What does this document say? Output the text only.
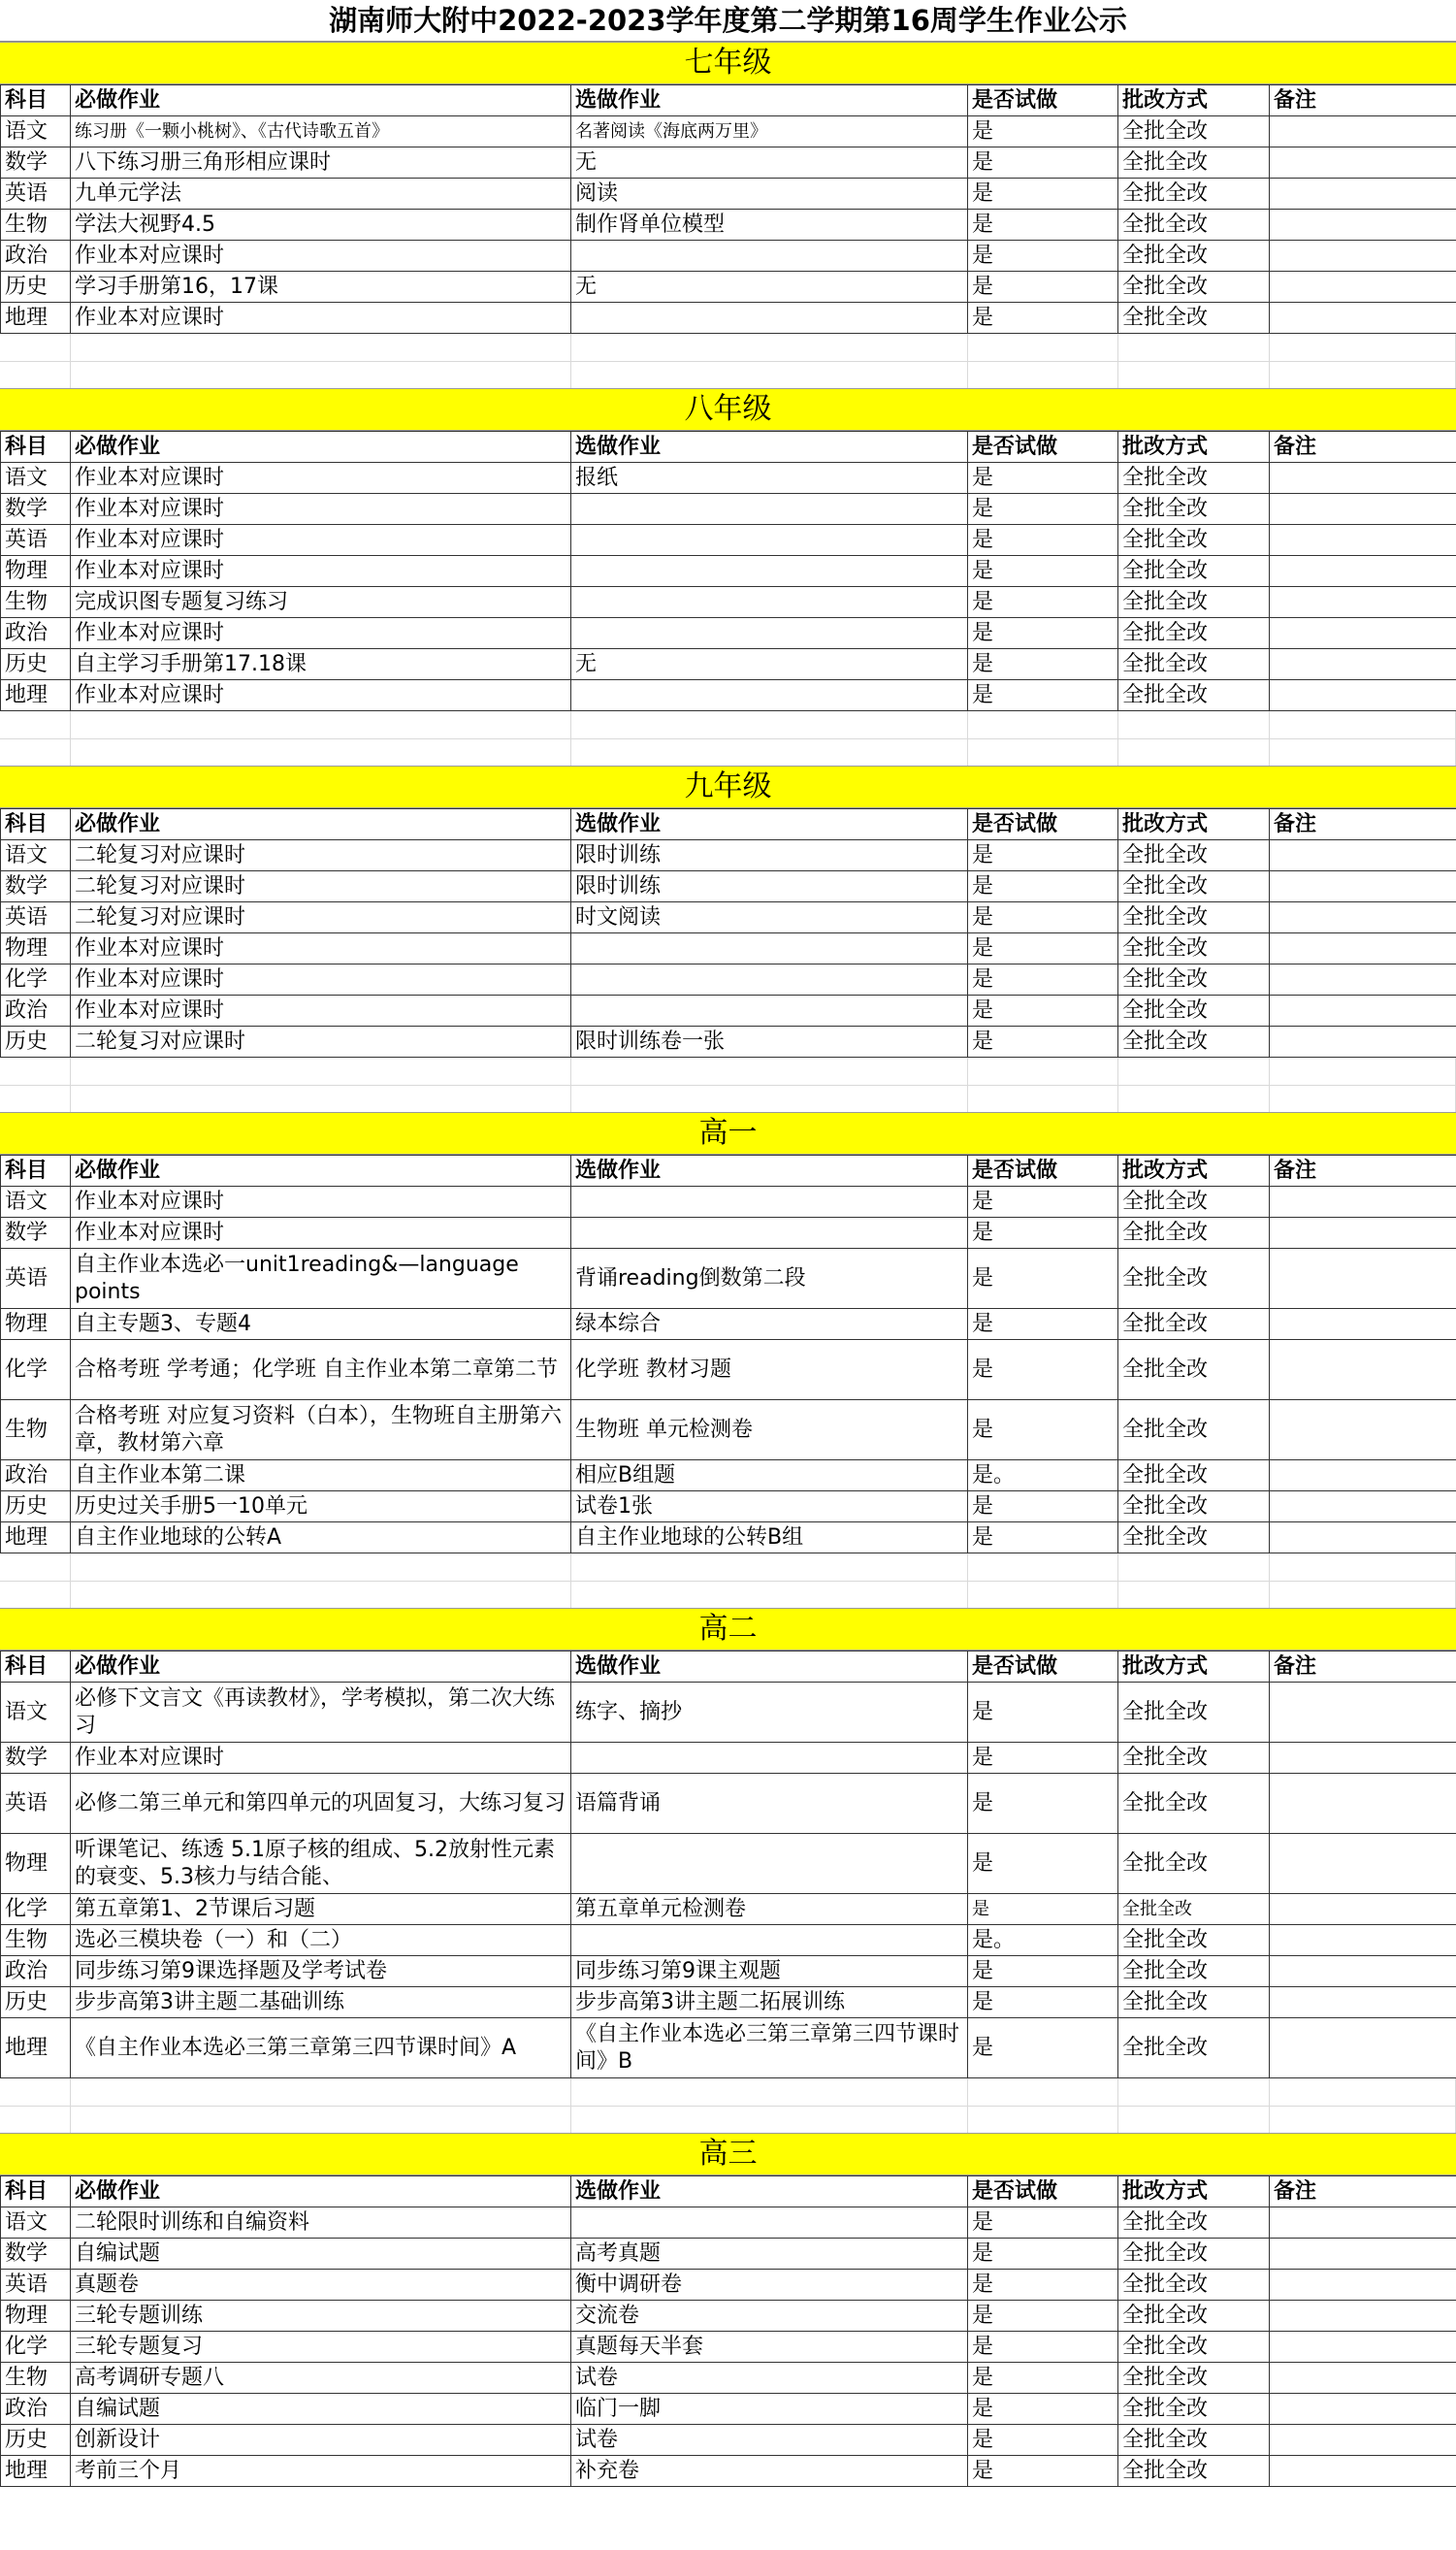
湖南师大附中2022-2023学年度第二学期第16周学生作业公示
七年级
科目	必做作业	选做作业	是否试做	批改方式	备注
语文	练习册《一颗小桃树》、《古代诗歌五首》	名著阅读《海底两万里》	是	全批全改	
数学	八下练习册三角形相应课时	无	是	全批全改	
英语	九单元学法	阅读	是	全批全改	
生物	学法大视野4.5	制作肾单位模型	是	全批全改	
政治	作业本对应课时		是	全批全改	
历史	学习手册第16，17课	无	是	全批全改	
地理	作业本对应课时		是	全批全改	
八年级
科目	必做作业	选做作业	是否试做	批改方式	备注
语文	作业本对应课时	报纸	是	全批全改	
数学	作业本对应课时		是	全批全改	
英语	作业本对应课时		是	全批全改	
物理	作业本对应课时		是	全批全改	
生物	完成识图专题复习练习		是	全批全改	
政治	作业本对应课时		是	全批全改	
历史	自主学习手册第17.18课	无	是	全批全改	
地理	作业本对应课时		是	全批全改	
九年级
科目	必做作业	选做作业	是否试做	批改方式	备注
语文	二轮复习对应课时	限时训练	是	全批全改	
数学	二轮复习对应课时	限时训练	是	全批全改	
英语	二轮复习对应课时	时文阅读	是	全批全改	
物理	作业本对应课时		是	全批全改	
化学	作业本对应课时		是	全批全改	
政治	作业本对应课时		是	全批全改	
历史	二轮复习对应课时	限时训练卷一张	是	全批全改	
高一
科目	必做作业	选做作业	是否试做	批改方式	备注
语文	作业本对应课时		是	全批全改	
数学	作业本对应课时		是	全批全改	
英语	自主作业本选必一unit1reading&—language points	背诵reading倒数第二段	是	全批全改	
物理	自主专题3、专题4	绿本综合	是	全批全改	
化学	合格考班 学考通；化学班 自主作业本第二章第二节	化学班 教材习题	是	全批全改	
生物	合格考班 对应复习资料（白本），生物班自主册第六章，教材第六章	生物班 单元检测卷	是	全批全改	
政治	自主作业本第二课	相应B组题	是。	全批全改	
历史	历史过关手册5一10单元	试卷1张	是	全批全改	
地理	自主作业地球的公转A	自主作业地球的公转B组	是	全批全改	
高二
科目	必做作业	选做作业	是否试做	批改方式	备注
语文	必修下文言文《再读教材》，学考模拟，第二次大练习	练字、摘抄	是	全批全改	
数学	作业本对应课时		是	全批全改	
英语	必修二第三单元和第四单元的巩固复习，大练习复习	语篇背诵	是	全批全改	
物理	听课笔记、练透 5.1原子核的组成、5.2放射性元素的衰变、5.3核力与结合能、		是	全批全改	
化学	第五章第1、2节课后习题	第五章单元检测卷	是	全批全改	
生物	选必三模块卷（一）和（二）		是。	全批全改	
政治	同步练习第9课选择题及学考试卷	同步练习第9课主观题	是	全批全改	
历史	步步高第3讲主题二基础训练	步步高第3讲主题二拓展训练	是	全批全改	
地理	《自主作业本选必三第三章第三四节课时间》A	《自主作业本选必三第三章第三四节课时间》B	是	全批全改	
高三
科目	必做作业	选做作业	是否试做	批改方式	备注
语文	二轮限时训练和自编资料		是	全批全改	
数学	自编试题	高考真题	是	全批全改	
英语	真题卷	衡中调研卷	是	全批全改	
物理	三轮专题训练	交流卷	是	全批全改	
化学	三轮专题复习	真题每天半套	是	全批全改	
生物	高考调研专题八	试卷	是	全批全改	
政治	自编试题	临门一脚	是	全批全改	
历史	创新设计	试卷	是	全批全改	
地理	考前三个月	补充卷	是	全批全改	
